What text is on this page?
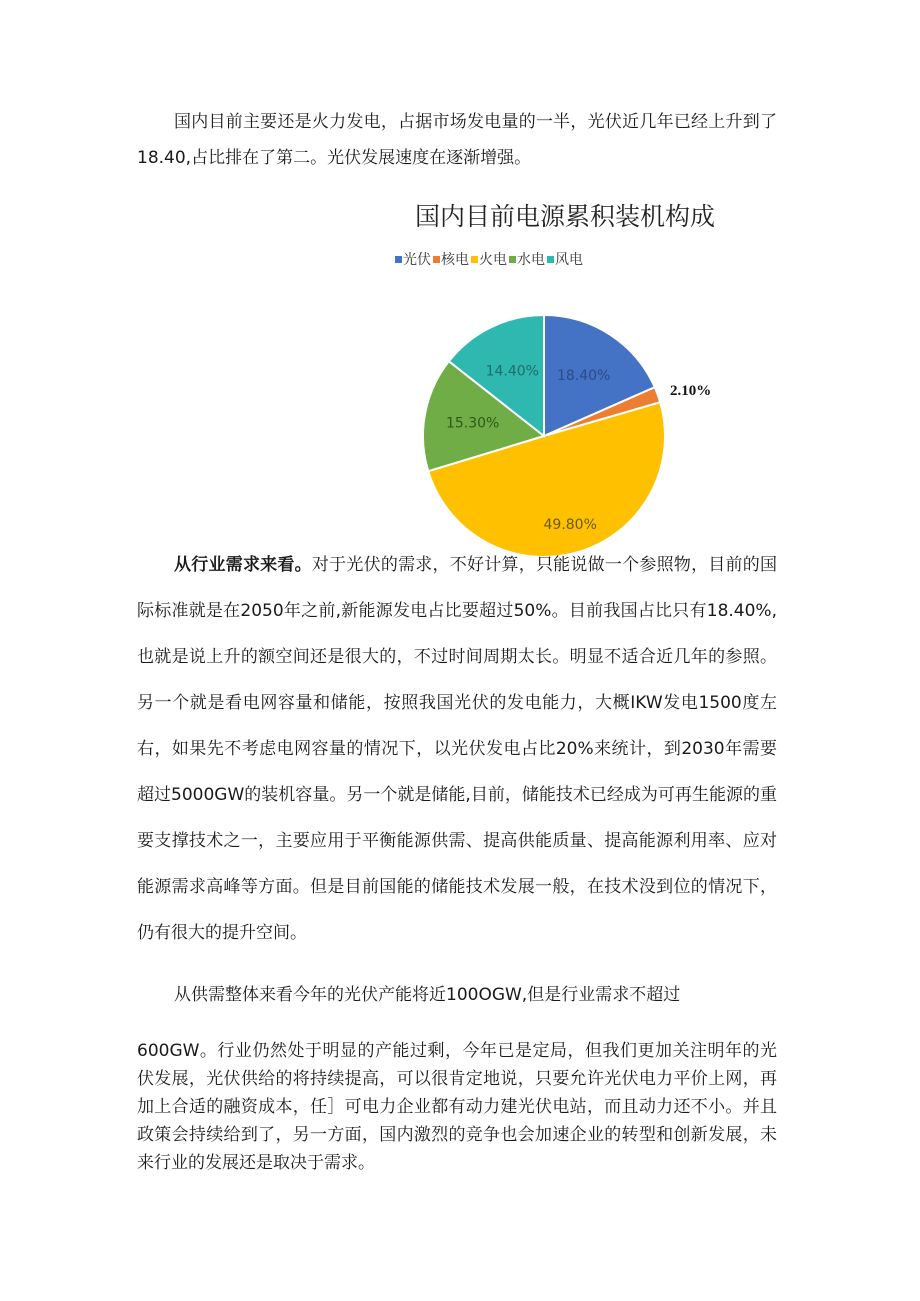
国内目前主要还是火力发电，占据市场发电量的一半，光伏近几年已经上升到了18.40,占比排在了第二。光伏发展速度在逐渐增强。

国内目前电源累积装机构成
光伏 核电 火电 水电 风电
18.40%
49.80%
15.30%
14.40%
2.10%

从行业需求来看。对于光伏的需求，不好计算，只能说做一个参照物，目前的国际标准就是在2050年之前,新能源发电占比要超过50%。目前我国占比只有18.40%,也就是说上升的额空间还是很大的，不过时间周期太长。明显不适合近几年的参照。另一个就是看电网容量和储能，按照我国光伏的发电能力，大概IKW发电1500度左右，如果先不考虑电网容量的情况下，以光伏发电占比20%来统计，到2030年需要超过5000GW的装机容量。另一个就是储能,目前，储能技术已经成为可再生能源的重要支撑技术之一，主要应用于平衡能源供需、提高供能质量、提高能源利用率、应对能源需求高峰等方面。但是目前国能的储能技术发展一般，在技术没到位的情况下，仍有很大的提升空间。

从供需整体来看今年的光伏产能将近100OGW,但是行业需求不超过

600GW。行业仍然处于明显的产能过剩，今年已是定局，但我们更加关注明年的光伏发展，光伏供给的将持续提高，可以很肯定地说，只要允许光伏电力平价上网，再加上合适的融资成本，任］可电力企业都有动力建光伏电站，而且动力还不小。并且政策会持续给到了，另一方面，国内激烈的竞争也会加速企业的转型和创新发展，未来行业的发展还是取决于需求。
